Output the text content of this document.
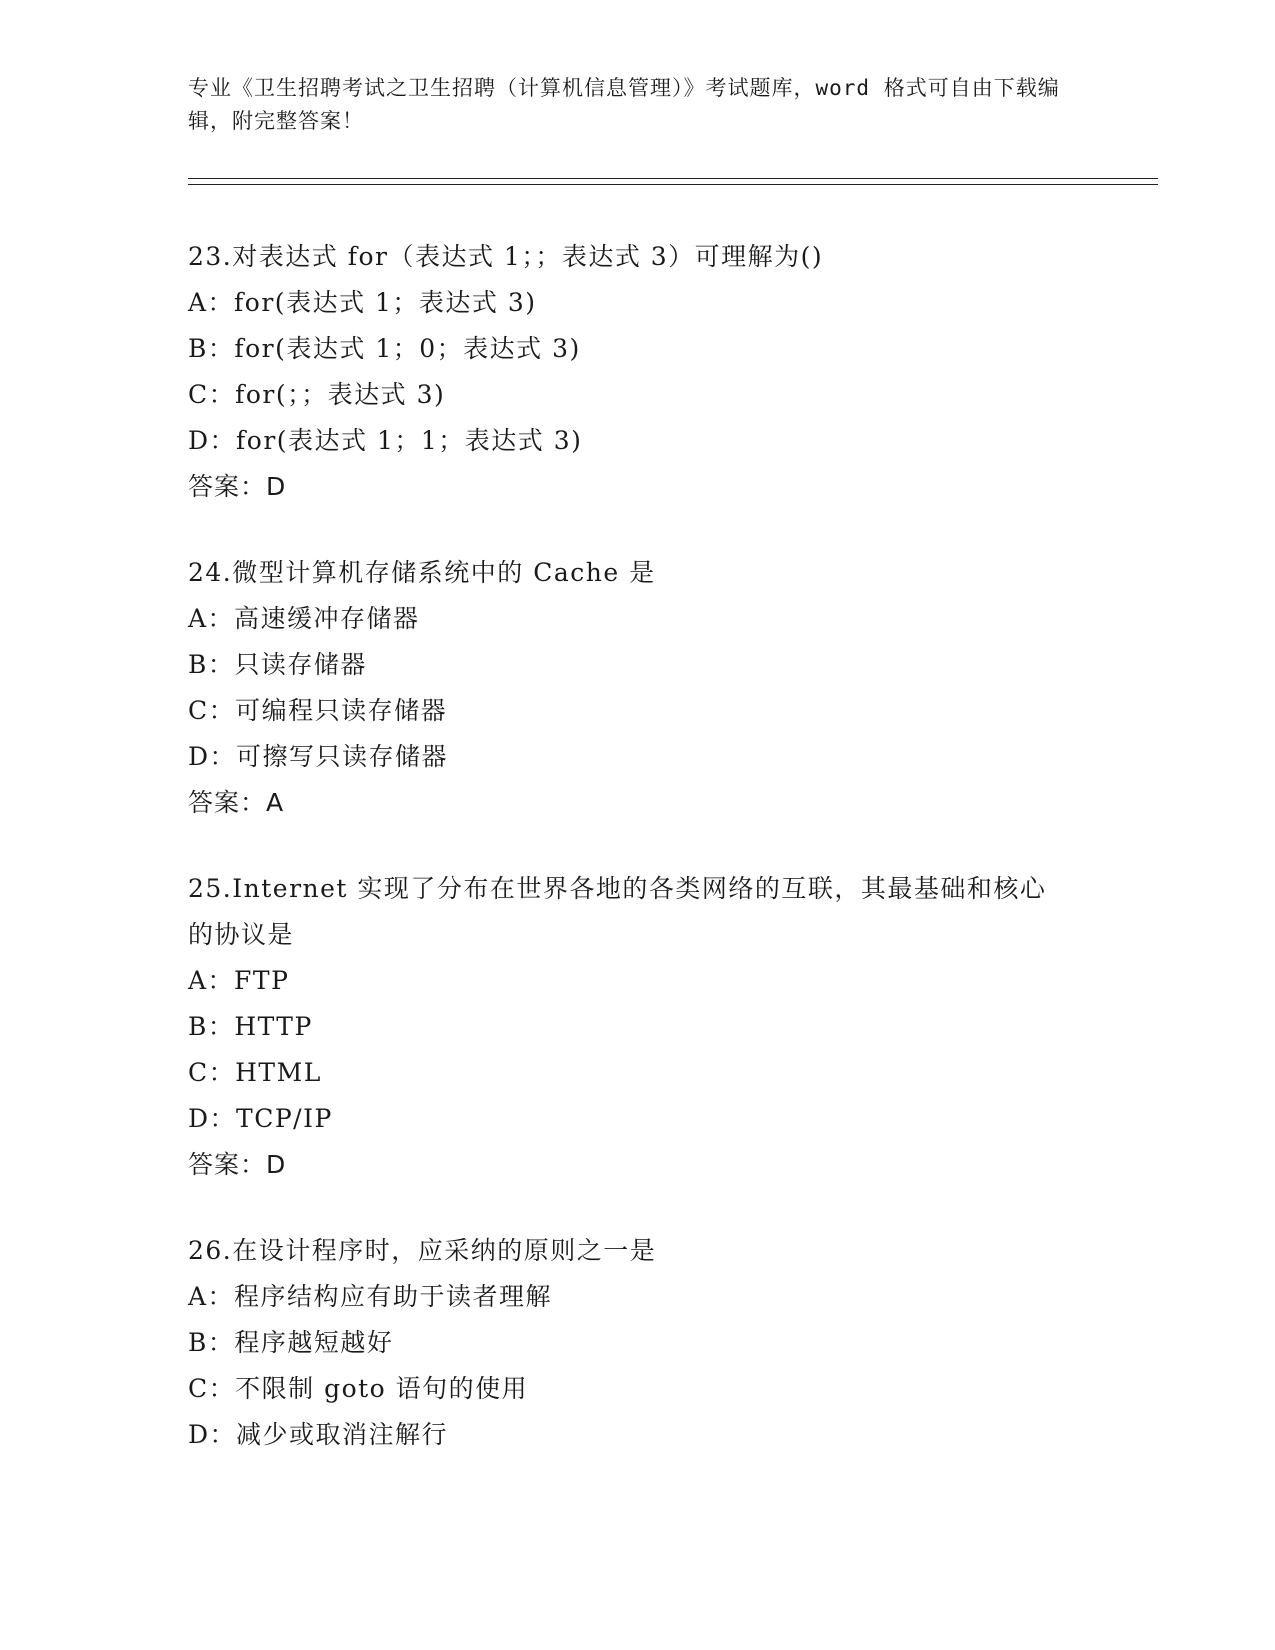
专业《卫生招聘考试之卫生招聘（计算机信息管理）》考试题库，word 格式可自由下载编辑，附完整答案！
23.对表达式 for（表达式 1；；表达式 3）可理解为()
A：for(表达式 1；表达式 3)
B：for(表达式 1；0；表达式 3)
C：for(；；表达式 3)
D：for(表达式 1；1；表达式 3)
答案：D
24.微型计算机存储系统中的 Cache 是
A：高速缓冲存储器
B：只读存储器
C：可编程只读存储器
D：可擦写只读存储器
答案：A
25.Internet 实现了分布在世界各地的各类网络的互联，其最基础和核心的协议是
A：FTP
B：HTTP
C：HTML
D：TCP/IP
答案：D
26.在设计程序时，应采纳的原则之一是
A：程序结构应有助于读者理解
B：程序越短越好
C：不限制 goto 语句的使用
D：减少或取消注解行
